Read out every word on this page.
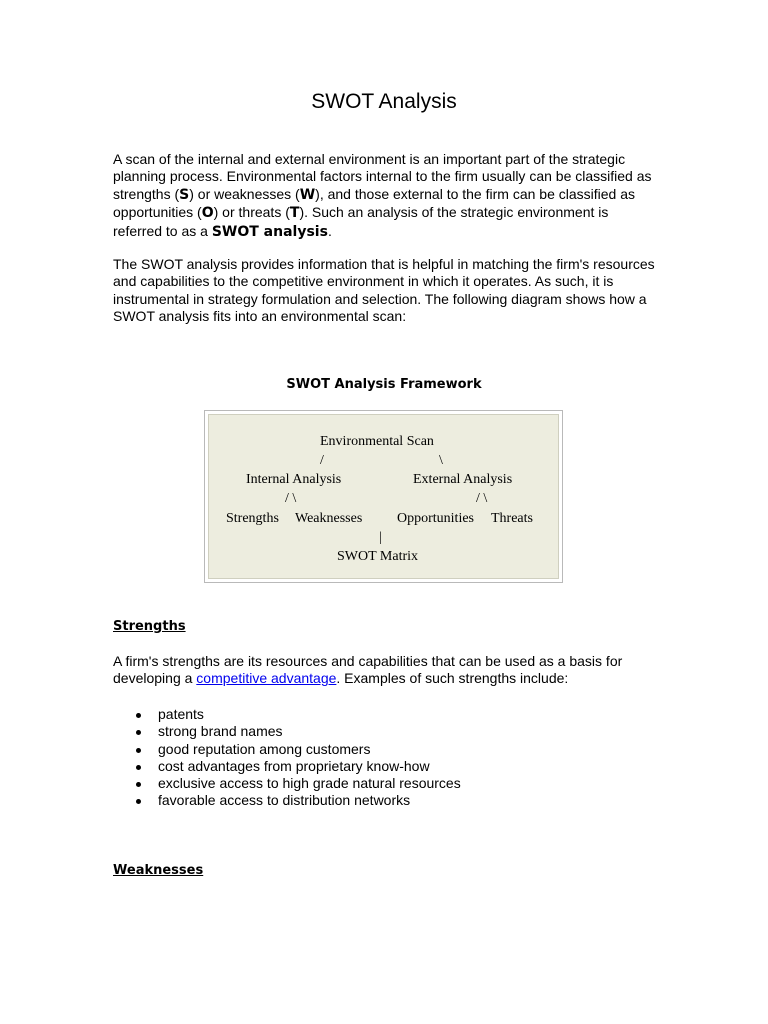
SWOT Analysis

A scan of the internal and external environment is an important part of the strategic planning process. Environmental factors internal to the firm usually can be classified as strengths (S) or weaknesses (W), and those external to the firm can be classified as opportunities (O) or threats (T). Such an analysis of the strategic environment is referred to as a SWOT analysis.

The SWOT analysis provides information that is helpful in matching the firm's resources and capabilities to the competitive environment in which it operates. As such, it is instrumental in strategy formulation and selection. The following diagram shows how a SWOT analysis fits into an environmental scan:

SWOT Analysis Framework

Environmental Scan
/	\
Internal Analysis	External Analysis
/ \	/ \
Strengths Weaknesses Opportunities Threats
|
SWOT Matrix
Strengths

A firm's strengths are its resources and capabilities that can be used as a basis for developing a competitive advantage. Examples of such strengths include:

patents
strong brand names
good reputation among customers
cost advantages from proprietary know-how
exclusive access to high grade natural resources
favorable access to distribution networks
Weaknesses
